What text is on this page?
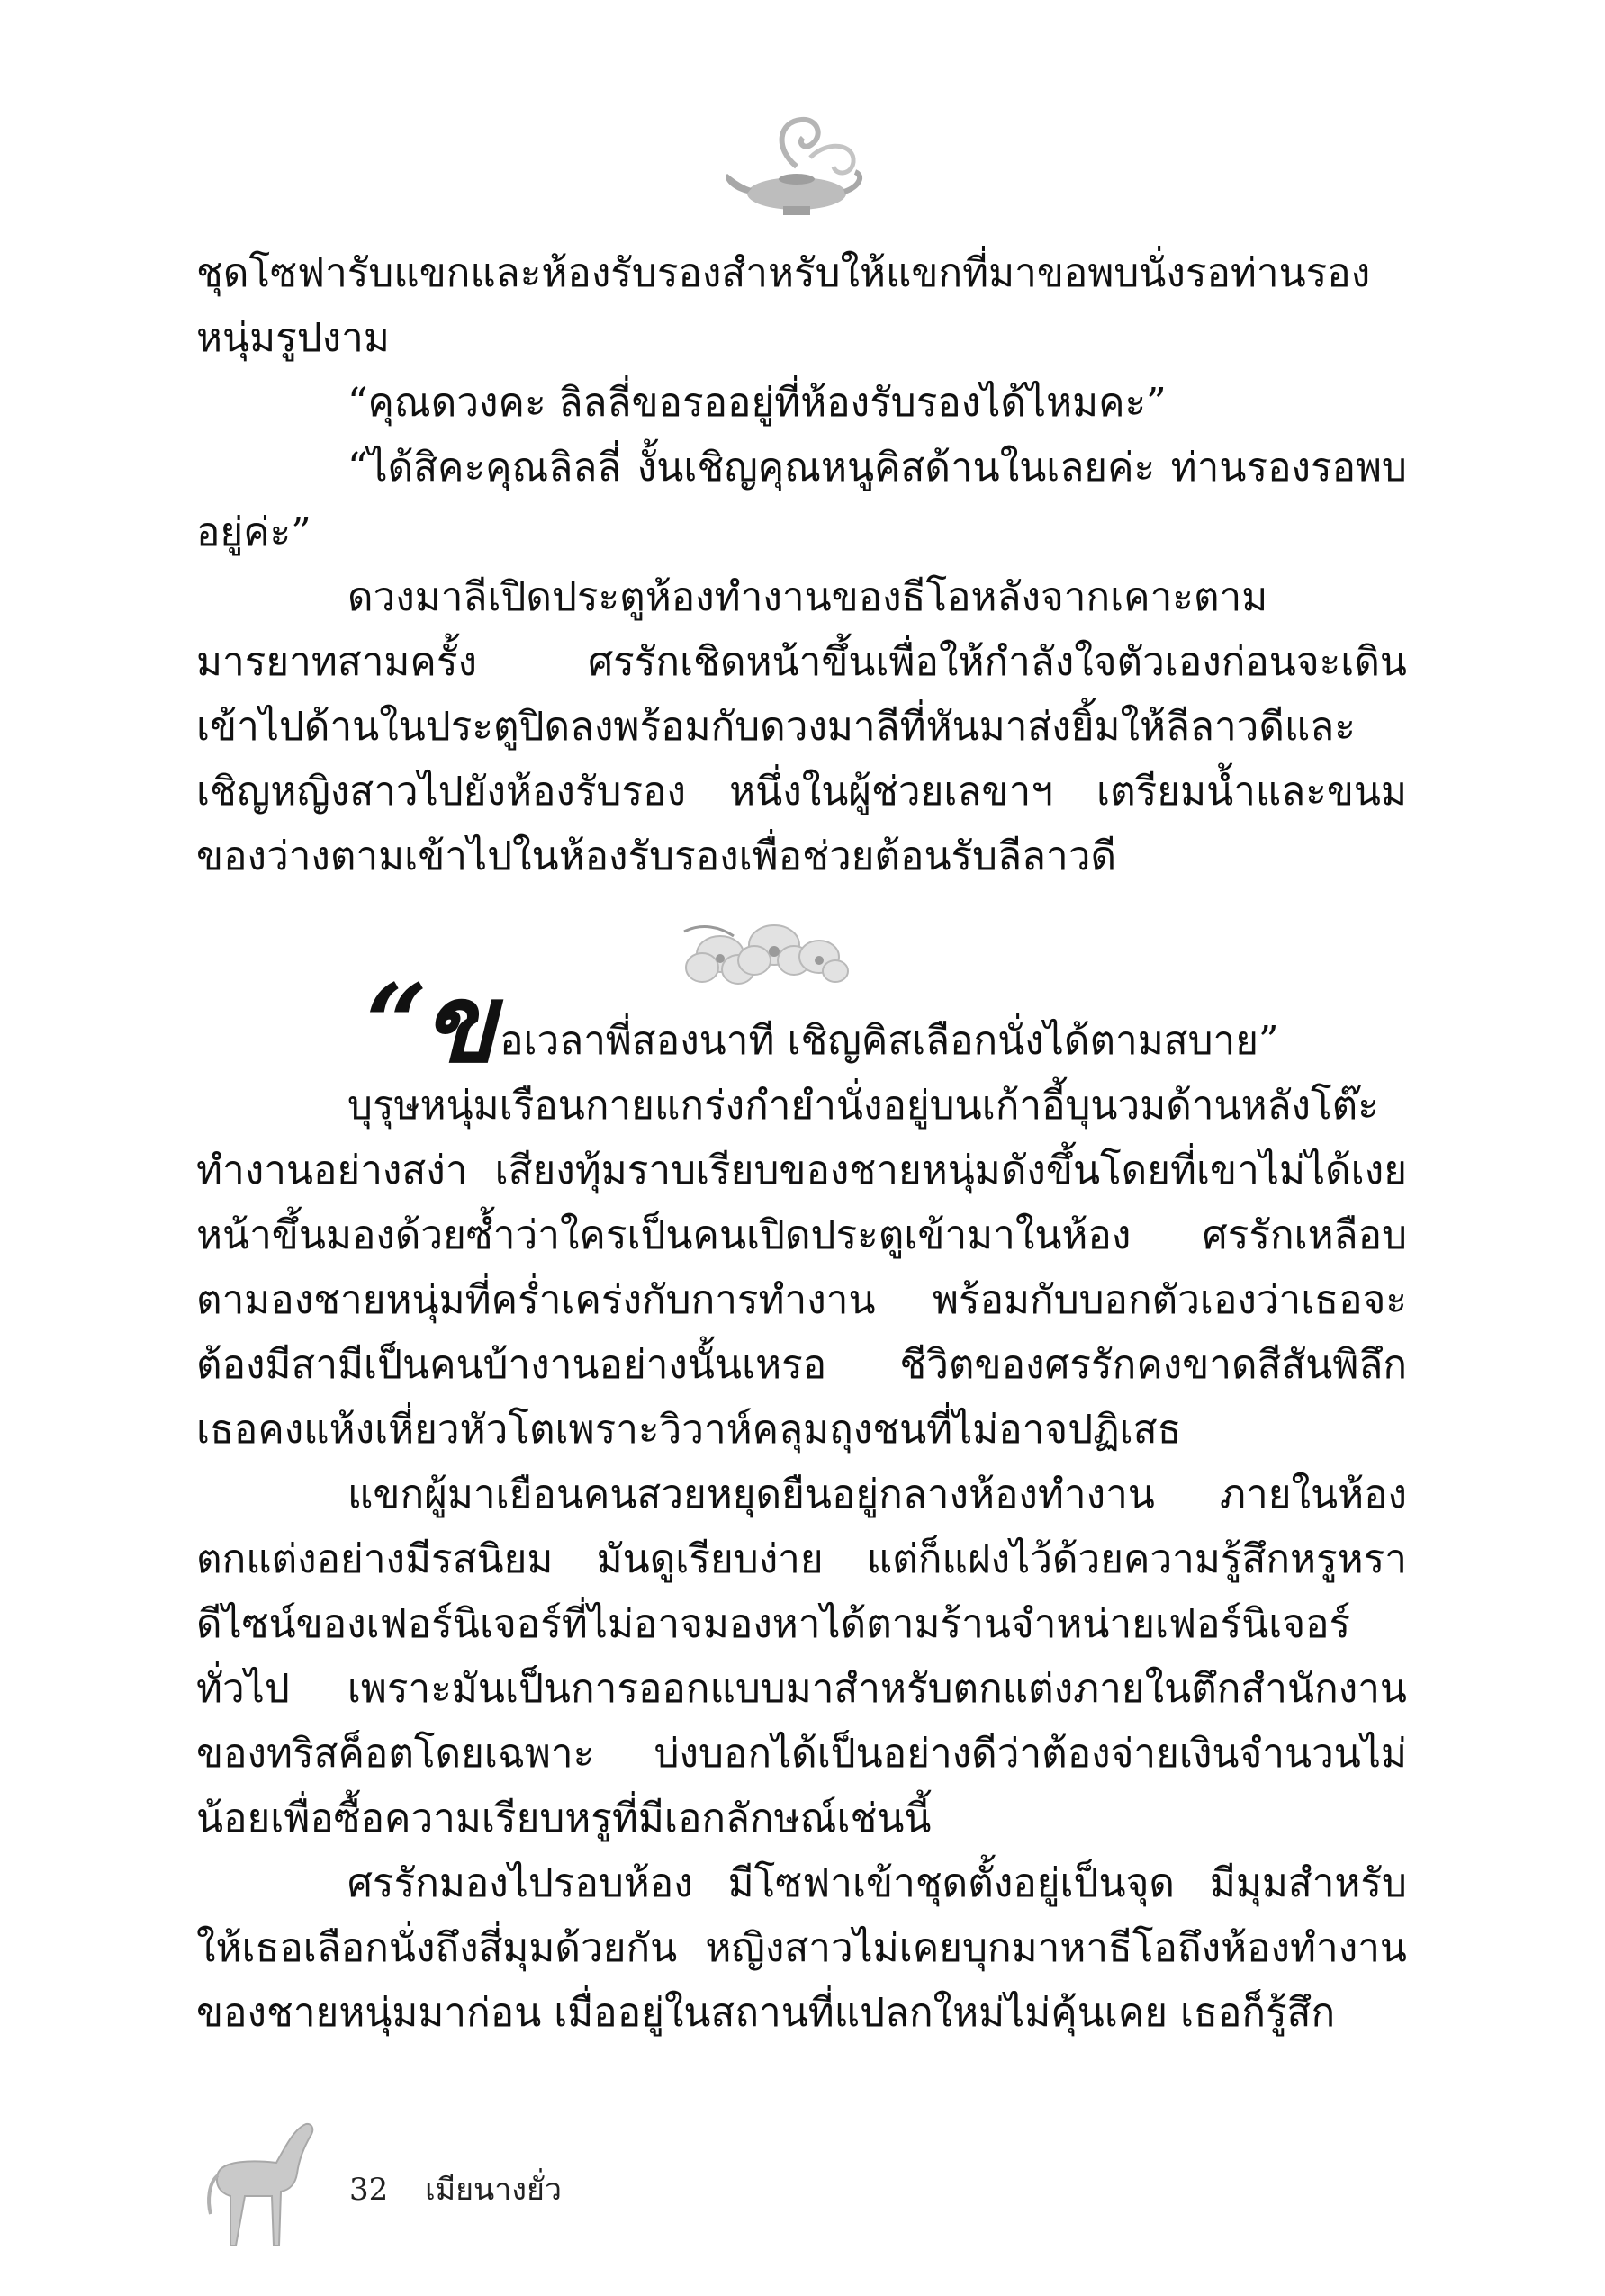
ชุดโซฟารับแขกและห้องรับรองสำหรับให้แขกที่มาขอพบนั่งรอท่านรองหนุ่มรูปงาม

“คุณดวงคะ ลิลลี่ขอรออยู่ที่ห้องรับรองได้ไหมคะ”

“ได้สิคะคุณลิลลี่ งั้นเชิญคุณหนูคิสด้านในเลยค่ะ ท่านรองรอพบอยู่ค่ะ”

ดวงมาลีเปิดประตูห้องทำงานของธีโอหลังจากเคาะตามมารยาทสามครั้ง ศรรักเชิดหน้าขึ้นเพื่อให้กำลังใจตัวเองก่อนจะเดินเข้าไปด้านในประตูปิดลงพร้อมกับดวงมาลีที่หันมาส่งยิ้มให้ลีลาวดีและเชิญหญิงสาวไปยังห้องรับรอง หนึ่งในผู้ช่วยเลขาฯ เตรียมน้ำและขนมของว่างตามเข้าไปในห้องรับรองเพื่อช่วยต้อนรับลีลาวดี

“ขอเวลาพี่สองนาที เชิญคิสเลือกนั่งได้ตามสบาย”

บุรุษหนุ่มเรือนกายแกร่งกำยำนั่งอยู่บนเก้าอี้บุนวมด้านหลังโต๊ะทำงานอย่างสง่า เสียงทุ้มราบเรียบของชายหนุ่มดังขึ้นโดยที่เขาไม่ได้เงยหน้าขึ้นมองด้วยซ้ำว่าใครเป็นคนเปิดประตูเข้ามาในห้อง ศรรักเหลือบตามองชายหนุ่มที่คร่ำเคร่งกับการทำงาน พร้อมกับบอกตัวเองว่าเธอจะต้องมีสามีเป็นคนบ้างานอย่างนั้นเหรอ ชีวิตของศรรักคงขาดสีสันพิลึก เธอคงแห้งเหี่ยวหัวโตเพราะวิวาห์คลุมถุงชนที่ไม่อาจปฏิเสธ

แขกผู้มาเยือนคนสวยหยุดยืนอยู่กลางห้องทำงาน ภายในห้องตกแต่งอย่างมีรสนิยม มันดูเรียบง่าย แต่ก็แฝงไว้ด้วยความรู้สึกหรูหราดีไซน์ของเฟอร์นิเจอร์ที่ไม่อาจมองหาได้ตามร้านจำหน่ายเฟอร์นิเจอร์ทั่วไป เพราะมันเป็นการออกแบบมาสำหรับตกแต่งภายในตึกสำนักงานของทริสค็อตโดยเฉพาะ บ่งบอกได้เป็นอย่างดีว่าต้องจ่ายเงินจำนวนไม่น้อยเพื่อซื้อความเรียบหรูที่มีเอกลักษณ์เช่นนี้

ศรรักมองไปรอบห้อง มีโซฟาเข้าชุดตั้งอยู่เป็นจุด มีมุมสำหรับให้เธอเลือกนั่งถึงสี่มุมด้วยกัน หญิงสาวไม่เคยบุกมาหาธีโอถึงห้องทำงานของชายหนุ่มมาก่อน เมื่ออยู่ในสถานที่แปลกใหม่ไม่คุ้นเคย เธอก็รู้สึก

32 เมียนางยั่ว
